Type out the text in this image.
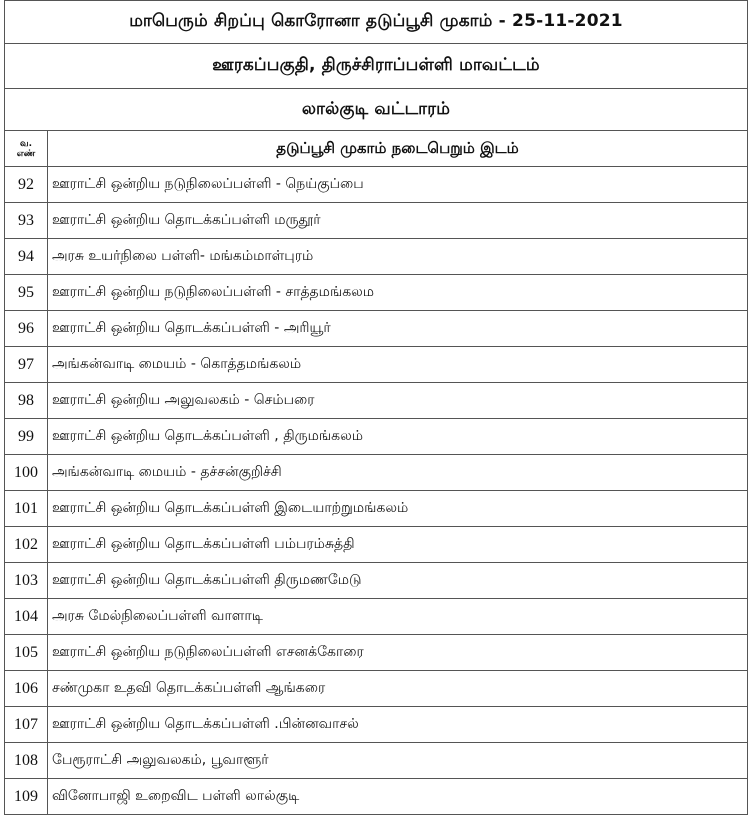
மாபெரும் சிறப்பு கொரோனா தடுப்பூசி முகாம் - 25-11-2021	
ஊரகப்பகுதி, திருச்சிராப்பள்ளி மாவட்டம்	
லால்குடி வட்டாரம்	
வ.
எண்	தடுப்பூசி முகாம் நடைபெறும் இடம்
92	ஊராட்சி ஒன்றிய நடுநிலைப்பள்ளி - நெய்குப்பை
93	ஊராட்சி ஒன்றிய தொடக்கப்பள்ளி மருதூர்
94	அரசு உயர்நிலை பள்ளி- மங்கம்மாள்புரம்
95	ஊராட்சி ஒன்றிய நடுநிலைப்பள்ளி - சாத்தமங்கலம
96	ஊராட்சி ஒன்றிய தொடக்கப்பள்ளி - அரியூர்
97	அங்கன்வாடி மையம் - கொத்தமங்கலம்
98	ஊராட்சி ஒன்றிய அலுவலகம் - செம்பரை
99	ஊராட்சி ஒன்றிய தொடக்கப்பள்ளி , திருமங்கலம்
100	அங்கன்வாடி மையம் - தச்சன்குறிச்சி
101	ஊராட்சி ஒன்றிய தொடக்கப்பள்ளி இடையாற்றுமங்கலம்
102	ஊராட்சி ஒன்றிய தொடக்கப்பள்ளி பம்பரம்சுத்தி
103	ஊராட்சி ஒன்றிய தொடக்கப்பள்ளி திருமணமேடு
104	அரசு மேல்நிலைப்பள்ளி வாளாடி
105	ஊராட்சி ஒன்றிய நடுநிலைப்பள்ளி எசனக்கோரை
106	சண்முகா உதவி தொடக்கப்பள்ளி ஆங்கரை
107	ஊராட்சி ஒன்றிய தொடக்கப்பள்ளி .பின்னவாசல்
108	பேரூராட்சி அலுவலகம், பூவாளூர்
109	வினோபாஜி உறைவிட பள்ளி லால்குடி
